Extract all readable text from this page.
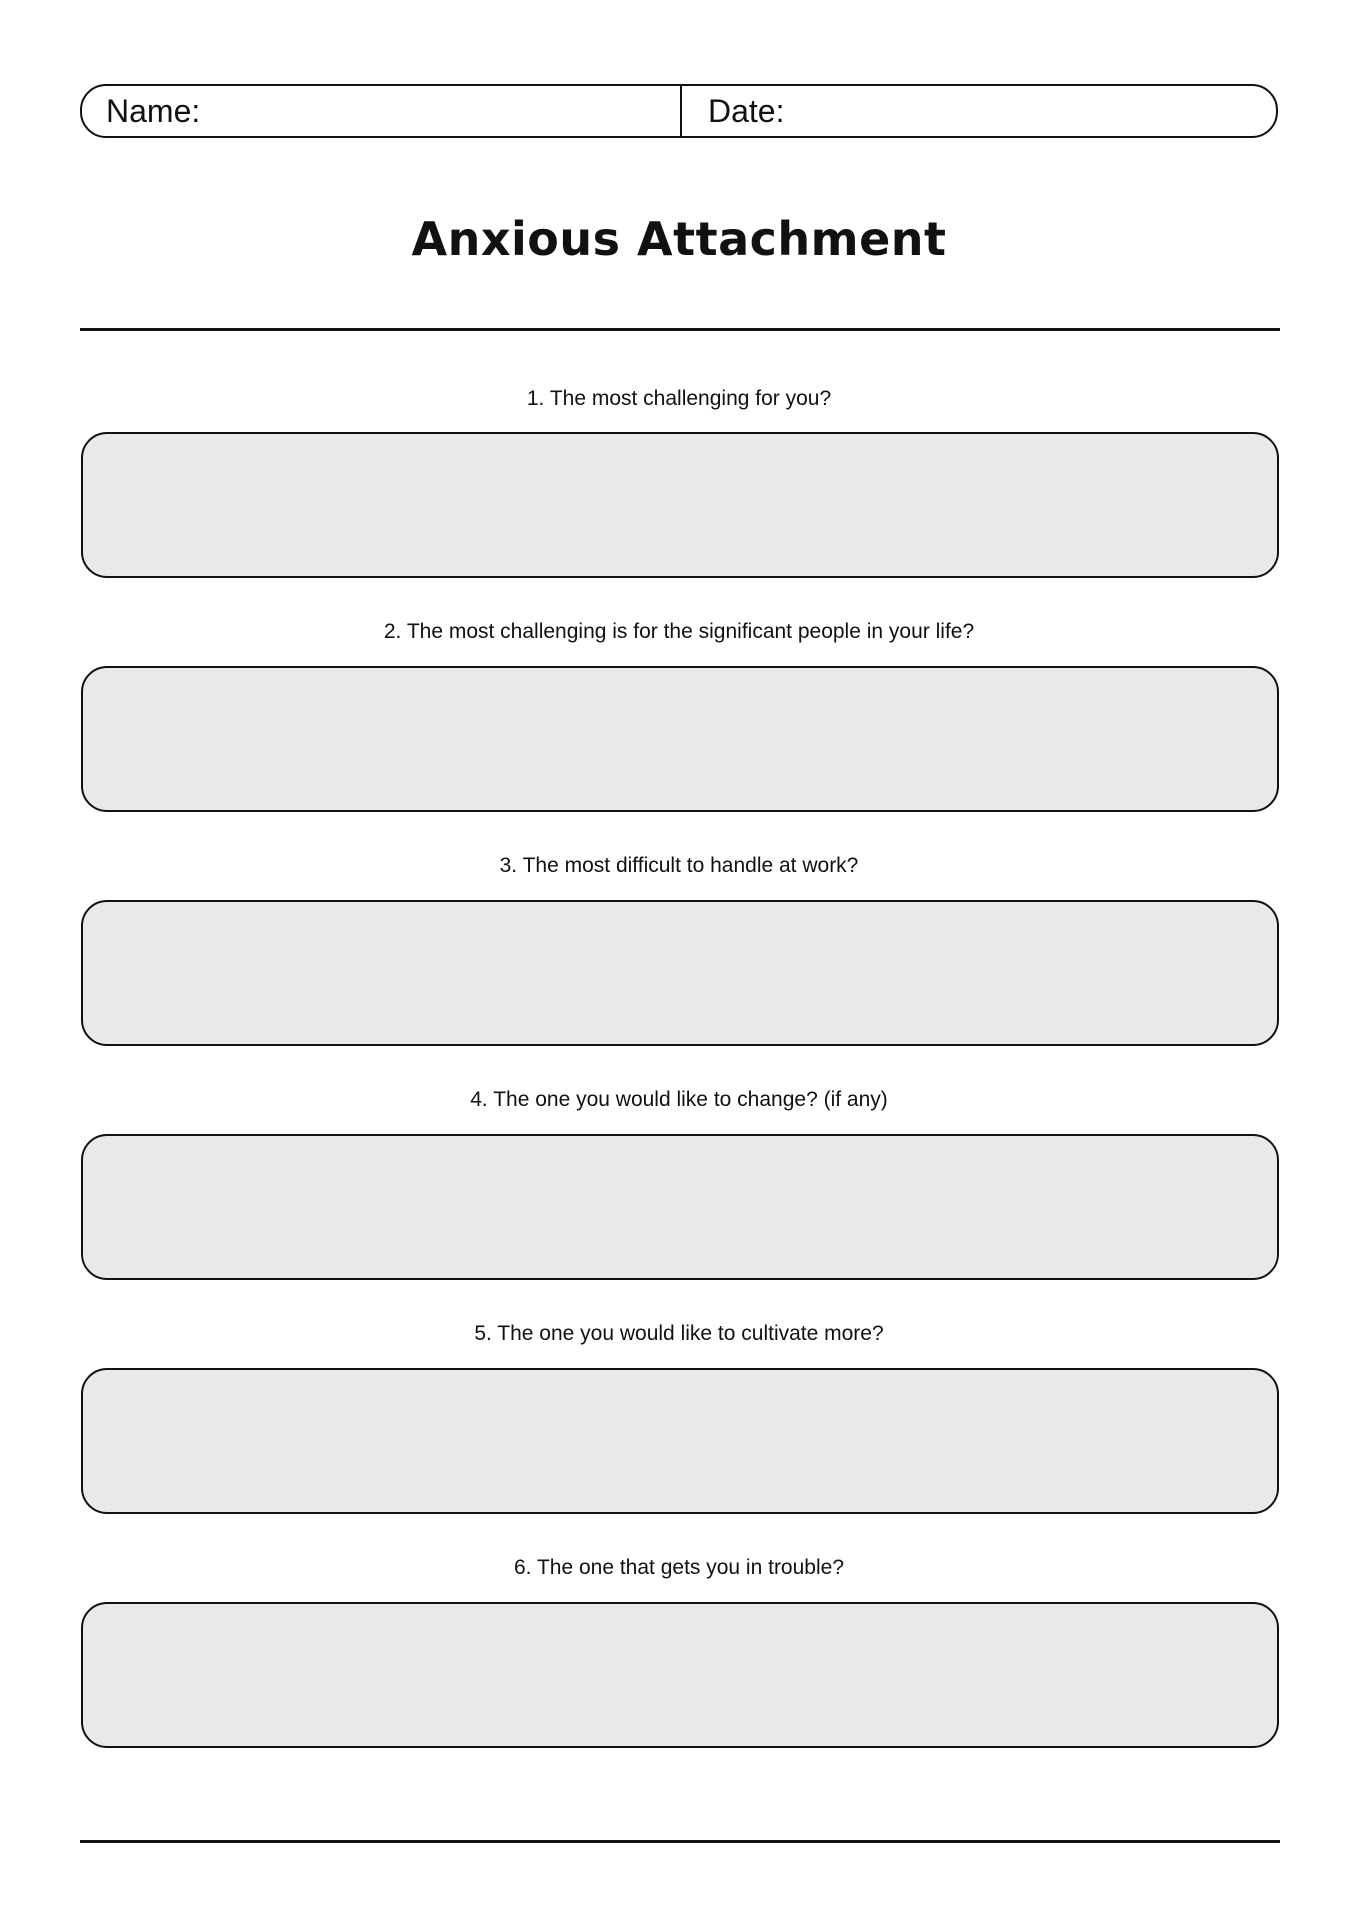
Name:	Date:
Anxious Attachment
1. The most challenging for you?
2. The most challenging is for the significant people in your life?
3. The most difficult to handle at work?
4. The one you would like to change? (if any)
5. The one you would like to cultivate more?
6. The one that gets you in trouble?
